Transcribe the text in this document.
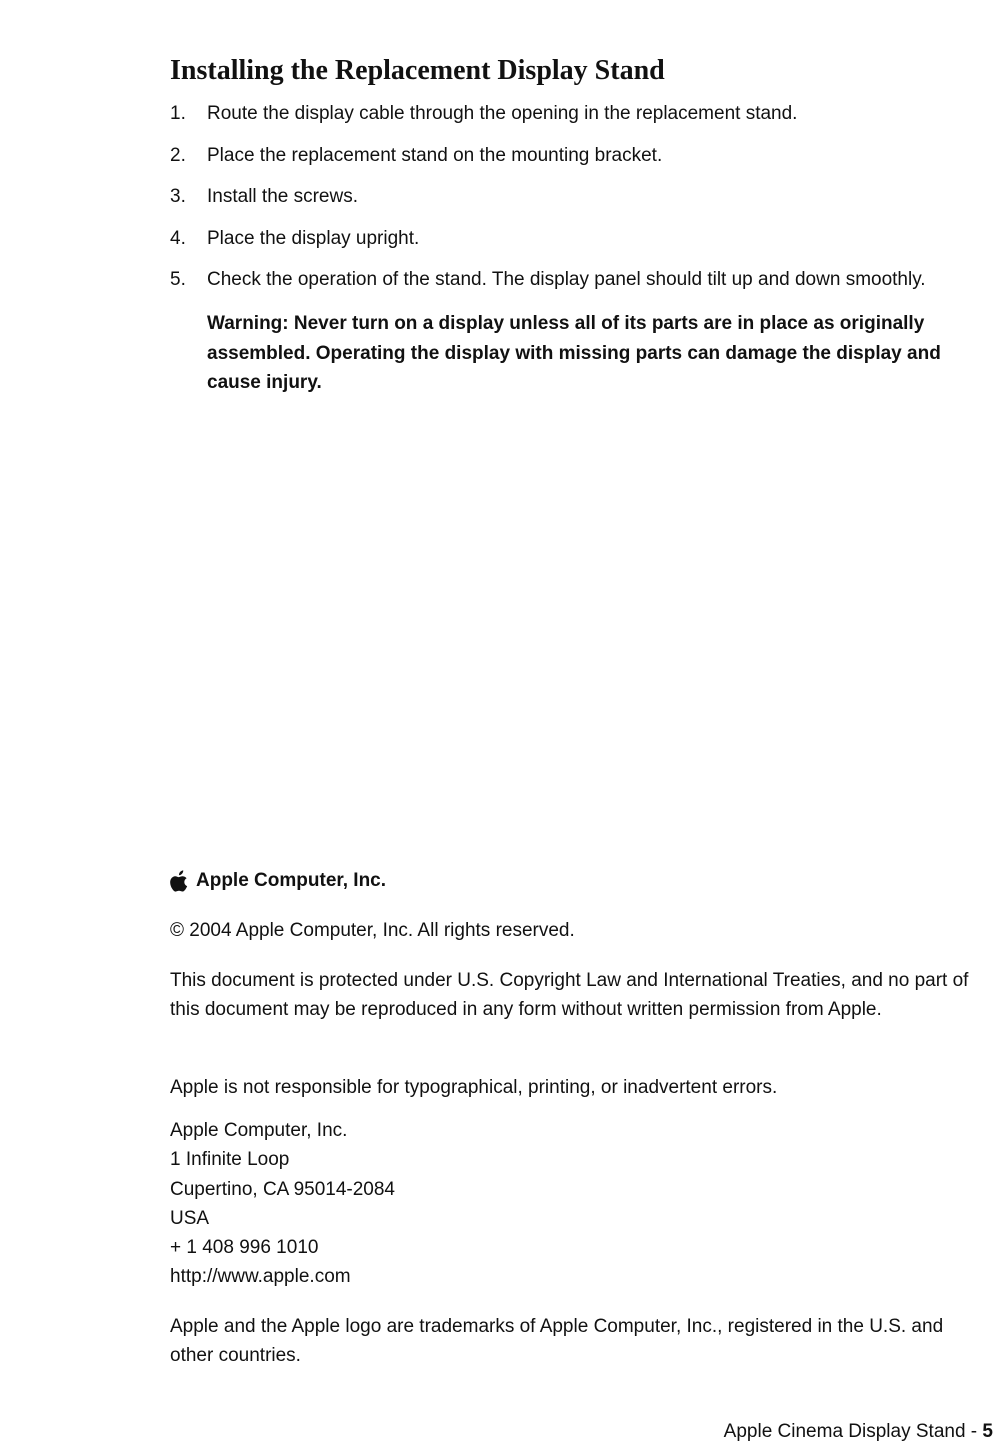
Installing the Replacement Display Stand
1. Route the display cable through the opening in the replacement stand.
2. Place the replacement stand on the mounting bracket.
3. Install the screws.
4. Place the display upright.
5. Check the operation of the stand. The display panel should tilt up and down smoothly.

Warning: Never turn on a display unless all of its parts are in place as originally assembled. Operating the display with missing parts can damage the display and cause injury.

Apple Computer, Inc.

© 2004 Apple Computer, Inc. All rights reserved.

This document is protected under U.S. Copyright Law and International Treaties, and no part of this document may be reproduced in any form without written permission from Apple.

Apple is not responsible for typographical, printing, or inadvertent errors.

Apple Computer, Inc.
1 Infinite Loop
Cupertino, CA 95014-2084
USA
+ 1 408 996 1010
http://www.apple.com

Apple and the Apple logo are trademarks of Apple Computer, Inc., registered in the U.S. and other countries.

Apple Cinema Display Stand - 5
